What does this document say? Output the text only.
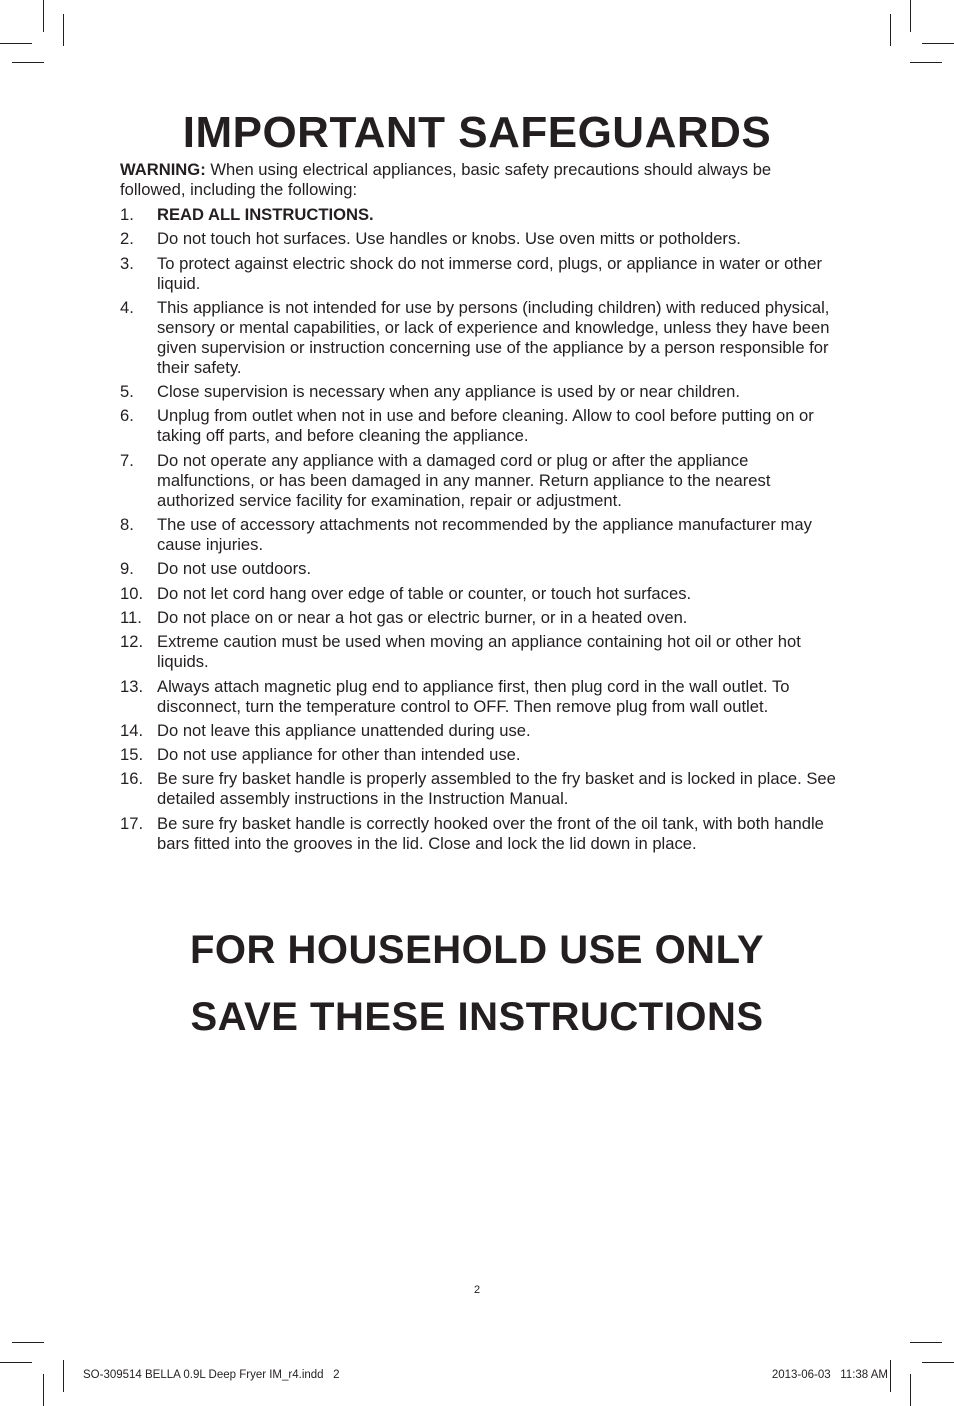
IMPORTANT SAFEGUARDS

WARNING: When using electrical appliances, basic safety precautions should always be followed, including the following:

1.	READ ALL INSTRUCTIONS.
2.	Do not touch hot surfaces. Use handles or knobs. Use oven mitts or potholders.
3.	To protect against electric shock do not immerse cord, plugs, or appliance in water or other liquid.
4.	This appliance is not intended for use by persons (including children) with reduced physical, sensory or mental capabilities, or lack of experience and knowledge, unless they have been given supervision or instruction concerning use of the appliance by a person responsible for their safety.
5.	Close supervision is necessary when any appliance is used by or near children.
6.	Unplug from outlet when not in use and before cleaning. Allow to cool before putting on or taking off parts, and before cleaning the appliance.
7.	Do not operate any appliance with a damaged cord or plug or after the appliance malfunctions, or has been damaged in any manner. Return appliance to the nearest authorized service facility for examination, repair or adjustment.
8.	The use of accessory attachments not recommended by the appliance manufacturer may cause injuries.
9.	Do not use outdoors.
10. Do not let cord hang over edge of table or counter, or touch hot surfaces.
11. Do not place on or near a hot gas or electric burner, or in a heated oven.
12. Extreme caution must be used when moving an appliance containing hot oil or other hot liquids.
13. Always attach magnetic plug end to appliance first, then plug cord in the wall outlet. To disconnect, turn the temperature control to OFF. Then remove plug from wall outlet.
14. Do not leave this appliance unattended during use.
15. Do not use appliance for other than intended use.
16. Be sure fry basket handle is properly assembled to the fry basket and is locked in place. See detailed assembly instructions in the Instruction Manual.
17. Be sure fry basket handle is correctly hooked over the front of the oil tank, with both handle bars fitted into the grooves in the lid. Close and lock the lid down in place.
FOR HOUSEHOLD USE ONLY
SAVE THESE INSTRUCTIONS
2
SO-309514 BELLA 0.9L Deep Fryer IM_r4.indd   2	2013-06-03   11:38 AM
